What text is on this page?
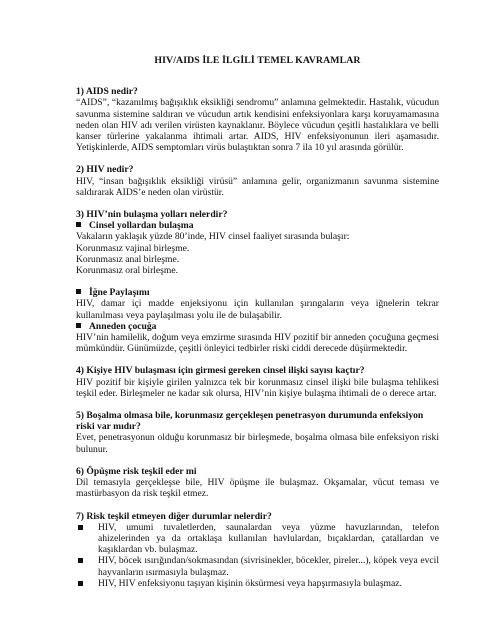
HIV/AIDS İLE İLGİLİ TEMEL KAVRAMLAR
1) AIDS nedir?
“AIDS”, “kazanılmış bağışıklık eksikliği sendromu” anlamına gelmektedir. Hastalık, vücudun savunma sistemine saldıran ve vücudun artık kendisini enfeksiyonlara karşı koruyamamasına neden olan HIV adı verilen virüsten kaynaklanır. Böylece vücudun çeşitli hastalıklara ve belli kanser türlerine yakalanma ihtimali artar. AIDS, HIV enfeksiyonunun ileri aşamasıdır. Yetişkinlerde, AIDS semptomları virüs bulaştıktan sonra 7 ila 10 yıl arasında görülür.
2) HIV nedir?
HIV, “insan bağışıklık eksikliği virüsü” anlamına gelir, organizmanın savunma sistemine saldırarak AIDS’e neden olan virüstür.
3) HIV’nin bulaşma yolları nelerdir?
Cinsel yollardan bulaşma
Vakaların yaklaşık yüzde 80’inde, HIV cinsel faaliyet sırasında bulaşır:
Korunmasız vajinal birleşme.
Korunmasız anal birleşme.
Korunmasız oral birleşme.
İğne Paylaşımı
HIV, damar içi madde enjeksiyonu için kullanılan şırıngaların veya iğnelerin tekrar kullanılması veya paylaşılması yolu ile de bulaşabilir.
Anneden çocuğa
HIV’nin hamilelik, doğum veya emzirme sırasında HIV pozitif bir anneden çocuğuna geçmesi mümkündür. Günümüzde, çeşitli önleyici tedbirler riski ciddi derecede düşürmektedir.
4) Kişiye HIV bulaşması için girmesi gereken cinsel ilişki sayısı kaçtır?
HIV pozitif bir kişiyle girilen yalnızca tek bir korunmasız cinsel ilişki bile bulaşma tehlikesi teşkil eder. Birleşmeler ne kadar sık olursa, HIV’nin kişiye bulaşma ihtimali de o derece artar.
5) Boşalma olmasa bile, korunmasız gerçekleşen penetrasyon durumunda enfeksiyon riski var mıdır?
Evet, penetrasyonun olduğu korunmasız bir birleşmede, boşalma olmasa bile enfeksiyon riski bulunur.
6) Öpüşme risk teşkil eder mi
Dil temasıyla gerçekleşse bile, HIV öpüşme ile bulaşmaz. Okşamalar, vücut teması ve mastürbasyon da risk teşkil etmez.
7) Risk teşkil etmeyen diğer durumlar nelerdir?
HIV, umumi tuvaletlerden, saunalardan veya yüzme havuzlarından, telefon ahizelerinden ya da ortaklaşa kullanılan havlulardan, bıçaklardan, çatallardan ve kaşıklardan vb. bulaşmaz.
HIV, böcek ısırığından/sokmasından (sivrisinekler, böcekler, pireler...), köpek veya evcil hayvanların ısırmasıyla bulaşmaz.
HIV, HIV enfeksiyonu taşıyan kişinin öksürmesi veya hapşırmasıyla bulaşmaz.
